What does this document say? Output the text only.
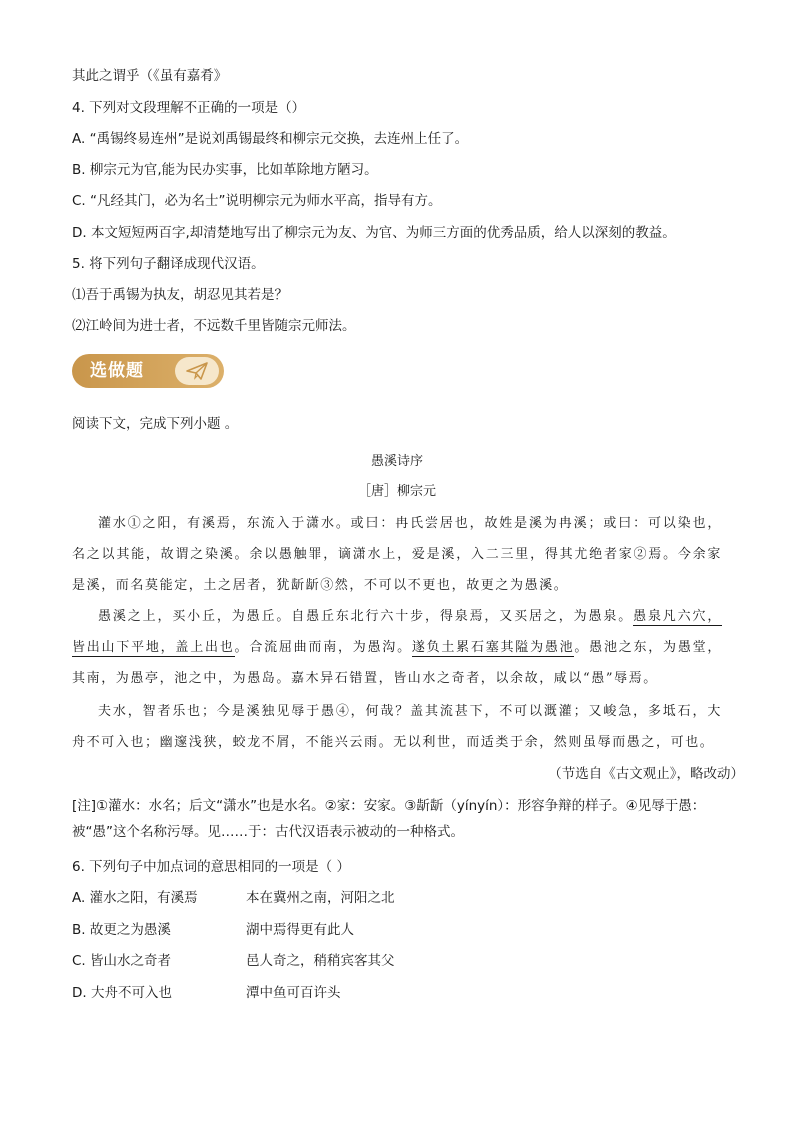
其此之谓乎（《虽有嘉肴》
4. 下列对文段理解不正确的一项是（）
A. “禹锡终易连州”是说刘禹锡最终和柳宗元交换，去连州上任了。
B. 柳宗元为官,能为民办实事，比如革除地方陋习。
C. “凡经其门，必为名士”说明柳宗元为师水平高，指导有方。
D. 本文短短两百字,却清楚地写出了柳宗元为友、为官、为师三方面的优秀品质，给人以深刻的教益。
5. 将下列句子翻译成现代汉语。
⑴吾于禹锡为执友，胡忍见其若是？
⑵江岭间为进士者，不远数千里皆随宗元师法。
选做题
阅读下文，完成下列小题 。
愚溪诗序
［唐］柳宗元
灌水①之阳，有溪焉，东流入于潇水。或曰：冉氏尝居也，故姓是溪为冉溪；或曰：可以染也，名之以其能，故谓之染溪。余以愚触罪，谪潇水上，爱是溪，入二三里，得其尤绝者家②焉。今余家是溪，而名莫能定，土之居者，犹龂龂③然，不可以不更也，故更之为愚溪。
愚溪之上，买小丘，为愚丘。自愚丘东北行六十步，得泉焉，又买居之，为愚泉。愚泉凡六穴，皆出山下平地，盖上出也。合流屈曲而南，为愚沟。遂负土累石塞其隘为愚池。愚池之东，为愚堂，其南，为愚亭，池之中，为愚岛。嘉木异石错置，皆山水之奇者，以余故，咸以“愚”辱焉。
夫水，智者乐也；今是溪独见辱于愚④，何哉？盖其流甚下，不可以溉灌；又峻急，多坻石，大舟不可入也；幽邃浅狭，蛟龙不屑，不能兴云雨。无以利世，而适类于余，然则虽辱而愚之，可也。
（节选自《古文观止》，略改动）
[注]①灌水：水名；后文“潇水”也是水名。②家：安家。③龂龂（yínyín）：形容争辩的样子。④见辱于愚：被“愚”这个名称污辱。见……于：古代汉语表示被动的一种格式。
6. 下列句子中加点词的意思相同的一项是（ ）
A. 灌水之阳，有溪焉	本在冀州之南，河阳之北
B. 故更之为愚溪	湖中焉得更有此人
C. 皆山水之奇者	邑人奇之，稍稍宾客其父
D. 大舟不可入也	潭中鱼可百许头
